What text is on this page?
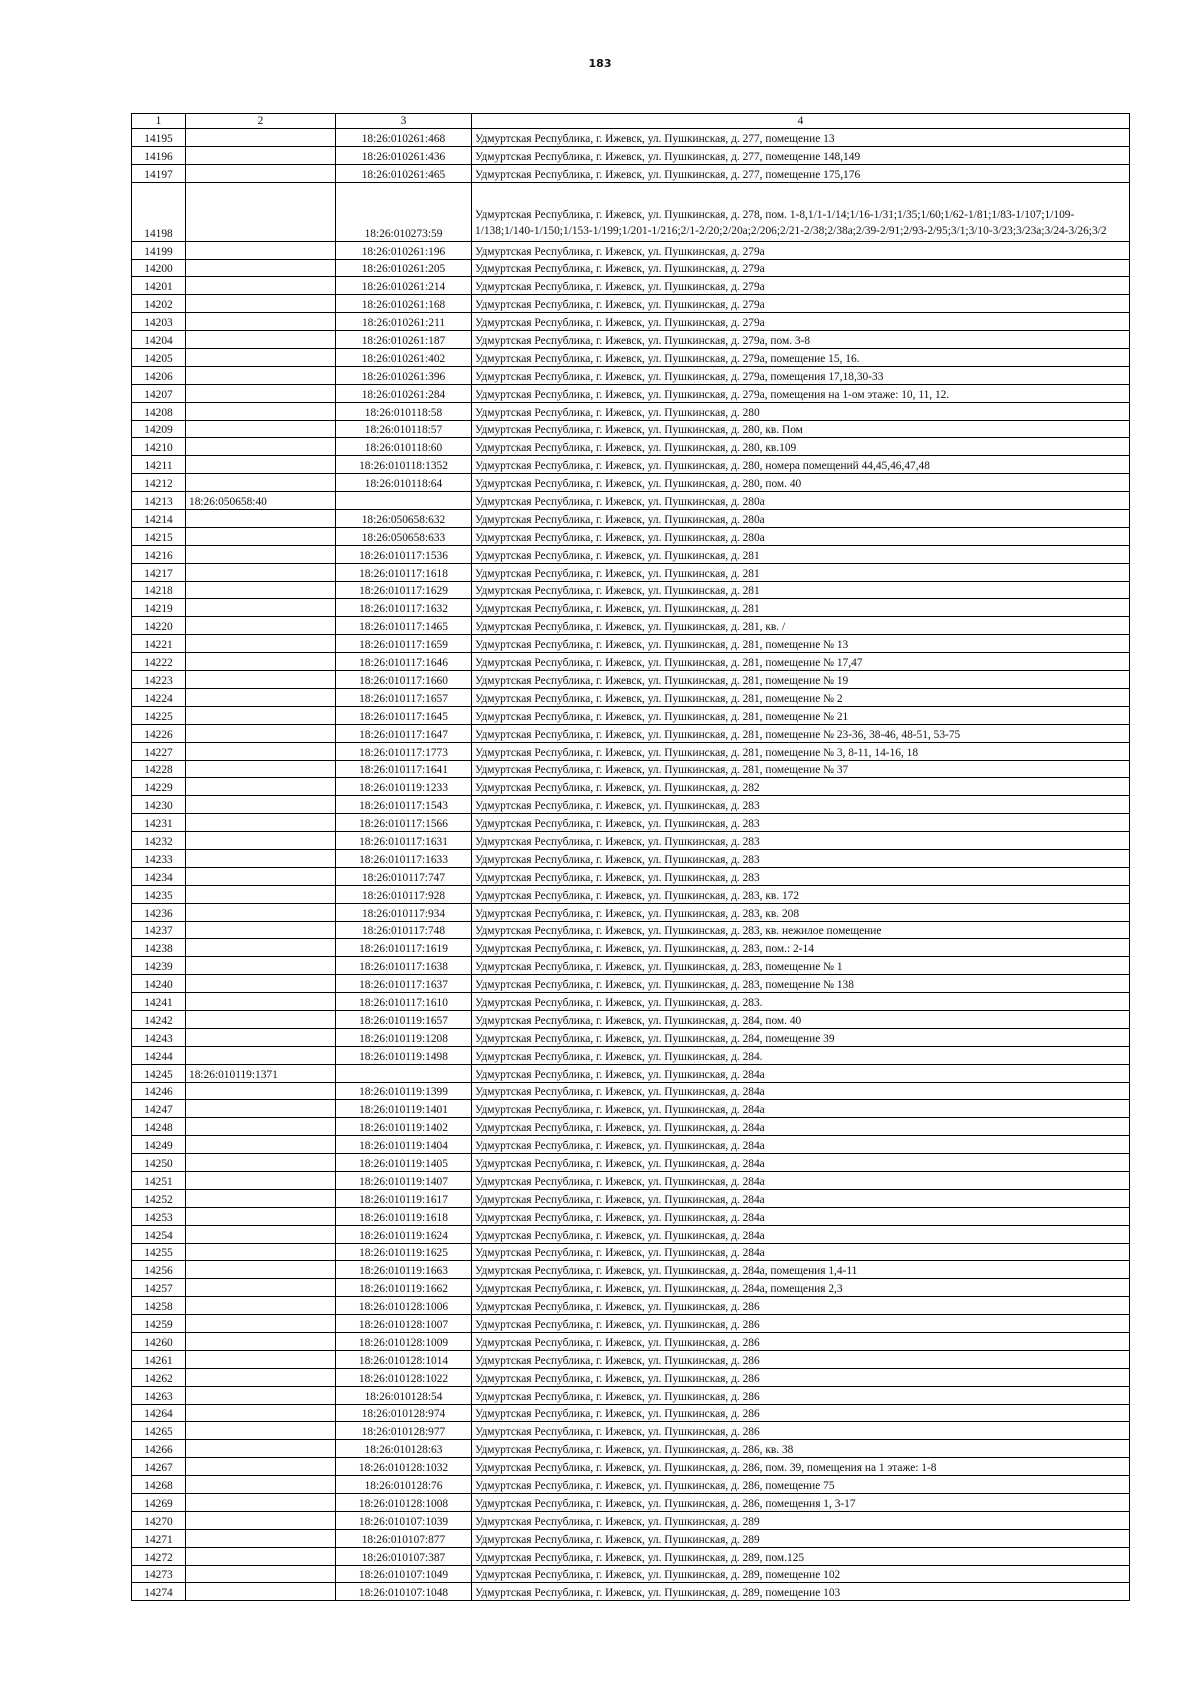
183
1	2	3	4
14195		18:26:010261:468	Удмуртская Республика, г. Ижевск, ул. Пушкинская, д. 277, помещение 13
14196		18:26:010261:436	Удмуртская Республика, г. Ижевск, ул. Пушкинская, д. 277, помещение 148,149
14197		18:26:010261:465	Удмуртская Республика, г. Ижевск, ул. Пушкинская, д. 277, помещение 175,176
14198		18:26:010273:59	Удмуртская Республика, г. Ижевск, ул. Пушкинская, д. 278, пом. 1-8,1/1-1/14;1/16-1/31;1/35;1/60;1/62-1/81;1/83-1/107;1/109-1/138;1/140-1/150;1/153-1/199;1/201-1/216;2/1-2/20;2/20а;2/206;2/21-2/38;2/38а;2/39-2/91;2/93-2/95;3/1;3/10-3/23;3/23а;3/24-3/26;3/2
14199		18:26:010261:196	Удмуртская Республика, г. Ижевск, ул. Пушкинская, д. 279а
14200		18:26:010261:205	Удмуртская Республика, г. Ижевск, ул. Пушкинская, д. 279а
14201		18:26:010261:214	Удмуртская Республика, г. Ижевск, ул. Пушкинская, д. 279а
14202		18:26:010261:168	Удмуртская Республика, г. Ижевск, ул. Пушкинская, д. 279а
14203		18:26:010261:211	Удмуртская Республика, г. Ижевск, ул. Пушкинская, д. 279а
14204		18:26:010261:187	Удмуртская Республика, г. Ижевск, ул. Пушкинская, д. 279а, пом. 3-8
14205		18:26:010261:402	Удмуртская Республика, г. Ижевск, ул. Пушкинская, д. 279а, помещение 15, 16.
14206		18:26:010261:396	Удмуртская Республика, г. Ижевск, ул. Пушкинская, д. 279а, помещения 17,18,30-33
14207		18:26:010261:284	Удмуртская Республика, г. Ижевск, ул. Пушкинская, д. 279а, помещения на 1-ом этаже: 10, 11, 12.
14208		18:26:010118:58	Удмуртская Республика, г. Ижевск, ул. Пушкинская, д. 280
14209		18:26:010118:57	Удмуртская Республика, г. Ижевск, ул. Пушкинская, д. 280, кв. Пом
14210		18:26:010118:60	Удмуртская Республика, г. Ижевск, ул. Пушкинская, д. 280, кв.109
14211		18:26:010118:1352	Удмуртская Республика, г. Ижевск, ул. Пушкинская, д. 280, номера помещений 44,45,46,47,48
14212		18:26:010118:64	Удмуртская Республика, г. Ижевск, ул. Пушкинская, д. 280, пом. 40
14213	18:26:050658:40		Удмуртская Республика, г. Ижевск, ул. Пушкинская, д. 280а
14214		18:26:050658:632	Удмуртская Республика, г. Ижевск, ул. Пушкинская, д. 280а
14215		18:26:050658:633	Удмуртская Республика, г. Ижевск, ул. Пушкинская, д. 280а
14216		18:26:010117:1536	Удмуртская Республика, г. Ижевск, ул. Пушкинская, д. 281
14217		18:26:010117:1618	Удмуртская Республика, г. Ижевск, ул. Пушкинская, д. 281
14218		18:26:010117:1629	Удмуртская Республика, г. Ижевск, ул. Пушкинская, д. 281
14219		18:26:010117:1632	Удмуртская Республика, г. Ижевск, ул. Пушкинская, д. 281
14220		18:26:010117:1465	Удмуртская Республика, г. Ижевск, ул. Пушкинская, д. 281, кв. /
14221		18:26:010117:1659	Удмуртская Республика, г. Ижевск, ул. Пушкинская, д. 281, помещение № 13
14222		18:26:010117:1646	Удмуртская Республика, г. Ижевск, ул. Пушкинская, д. 281, помещение № 17,47
14223		18:26:010117:1660	Удмуртская Республика, г. Ижевск, ул. Пушкинская, д. 281, помещение № 19
14224		18:26:010117:1657	Удмуртская Республика, г. Ижевск, ул. Пушкинская, д. 281, помещение № 2
14225		18:26:010117:1645	Удмуртская Республика, г. Ижевск, ул. Пушкинская, д. 281, помещение № 21
14226		18:26:010117:1647	Удмуртская Республика, г. Ижевск, ул. Пушкинская, д. 281, помещение № 23-36, 38-46, 48-51, 53-75
14227		18:26:010117:1773	Удмуртская Республика, г. Ижевск, ул. Пушкинская, д. 281, помещение № 3, 8-11, 14-16, 18
14228		18:26:010117:1641	Удмуртская Республика, г. Ижевск, ул. Пушкинская, д. 281, помещение № 37
14229		18:26:010119:1233	Удмуртская Республика, г. Ижевск, ул. Пушкинская, д. 282
14230		18:26:010117:1543	Удмуртская Республика, г. Ижевск, ул. Пушкинская, д. 283
14231		18:26:010117:1566	Удмуртская Республика, г. Ижевск, ул. Пушкинская, д. 283
14232		18:26:010117:1631	Удмуртская Республика, г. Ижевск, ул. Пушкинская, д. 283
14233		18:26:010117:1633	Удмуртская Республика, г. Ижевск, ул. Пушкинская, д. 283
14234		18:26:010117:747	Удмуртская Республика, г. Ижевск, ул. Пушкинская, д. 283
14235		18:26:010117:928	Удмуртская Республика, г. Ижевск, ул. Пушкинская, д. 283, кв. 172
14236		18:26:010117:934	Удмуртская Республика, г. Ижевск, ул. Пушкинская, д. 283, кв. 208
14237		18:26:010117:748	Удмуртская Республика, г. Ижевск, ул. Пушкинская, д. 283, кв. нежилое помещение
14238		18:26:010117:1619	Удмуртская Республика, г. Ижевск, ул. Пушкинская, д. 283, пом.: 2-14
14239		18:26:010117:1638	Удмуртская Республика, г. Ижевск, ул. Пушкинская, д. 283, помещение № 1
14240		18:26:010117:1637	Удмуртская Республика, г. Ижевск, ул. Пушкинская, д. 283, помещение № 138
14241		18:26:010117:1610	Удмуртская Республика, г. Ижевск, ул. Пушкинская, д. 283.
14242		18:26:010119:1657	Удмуртская Республика, г. Ижевск, ул. Пушкинская, д. 284, пом. 40
14243		18:26:010119:1208	Удмуртская Республика, г. Ижевск, ул. Пушкинская, д. 284, помещение 39
14244		18:26:010119:1498	Удмуртская Республика, г. Ижевск, ул. Пушкинская, д. 284.
14245	18:26:010119:1371		Удмуртская Республика, г. Ижевск, ул. Пушкинская, д. 284а
14246		18:26:010119:1399	Удмуртская Республика, г. Ижевск, ул. Пушкинская, д. 284а
14247		18:26:010119:1401	Удмуртская Республика, г. Ижевск, ул. Пушкинская, д. 284а
14248		18:26:010119:1402	Удмуртская Республика, г. Ижевск, ул. Пушкинская, д. 284а
14249		18:26:010119:1404	Удмуртская Республика, г. Ижевск, ул. Пушкинская, д. 284а
14250		18:26:010119:1405	Удмуртская Республика, г. Ижевск, ул. Пушкинская, д. 284а
14251		18:26:010119:1407	Удмуртская Республика, г. Ижевск, ул. Пушкинская, д. 284а
14252		18:26:010119:1617	Удмуртская Республика, г. Ижевск, ул. Пушкинская, д. 284а
14253		18:26:010119:1618	Удмуртская Республика, г. Ижевск, ул. Пушкинская, д. 284а
14254		18:26:010119:1624	Удмуртская Республика, г. Ижевск, ул. Пушкинская, д. 284а
14255		18:26:010119:1625	Удмуртская Республика, г. Ижевск, ул. Пушкинская, д. 284а
14256		18:26:010119:1663	Удмуртская Республика, г. Ижевск, ул. Пушкинская, д. 284а, помещения 1,4-11
14257		18:26:010119:1662	Удмуртская Республика, г. Ижевск, ул. Пушкинская, д. 284а, помещения 2,3
14258		18:26:010128:1006	Удмуртская Республика, г. Ижевск, ул. Пушкинская, д. 286
14259		18:26:010128:1007	Удмуртская Республика, г. Ижевск, ул. Пушкинская, д. 286
14260		18:26:010128:1009	Удмуртская Республика, г. Ижевск, ул. Пушкинская, д. 286
14261		18:26:010128:1014	Удмуртская Республика, г. Ижевск, ул. Пушкинская, д. 286
14262		18:26:010128:1022	Удмуртская Республика, г. Ижевск, ул. Пушкинская, д. 286
14263		18:26:010128:54	Удмуртская Республика, г. Ижевск, ул. Пушкинская, д. 286
14264		18:26:010128:974	Удмуртская Республика, г. Ижевск, ул. Пушкинская, д. 286
14265		18:26:010128:977	Удмуртская Республика, г. Ижевск, ул. Пушкинская, д. 286
14266		18:26:010128:63	Удмуртская Республика, г. Ижевск, ул. Пушкинская, д. 286, кв. 38
14267		18:26:010128:1032	Удмуртская Республика, г. Ижевск, ул. Пушкинская, д. 286, пом. 39, помещения на 1 этаже: 1-8
14268		18:26:010128:76	Удмуртская Республика, г. Ижевск, ул. Пушкинская, д. 286, помещение 75
14269		18:26:010128:1008	Удмуртская Республика, г. Ижевск, ул. Пушкинская, д. 286, помещения 1, 3-17
14270		18:26:010107:1039	Удмуртская Республика, г. Ижевск, ул. Пушкинская, д. 289
14271		18:26:010107:877	Удмуртская Республика, г. Ижевск, ул. Пушкинская, д. 289
14272		18:26:010107:387	Удмуртская Республика, г. Ижевск, ул. Пушкинская, д. 289, пом.125
14273		18:26:010107:1049	Удмуртская Республика, г. Ижевск, ул. Пушкинская, д. 289, помещение 102
14274		18:26:010107:1048	Удмуртская Республика, г. Ижевск, ул. Пушкинская, д. 289, помещение 103
